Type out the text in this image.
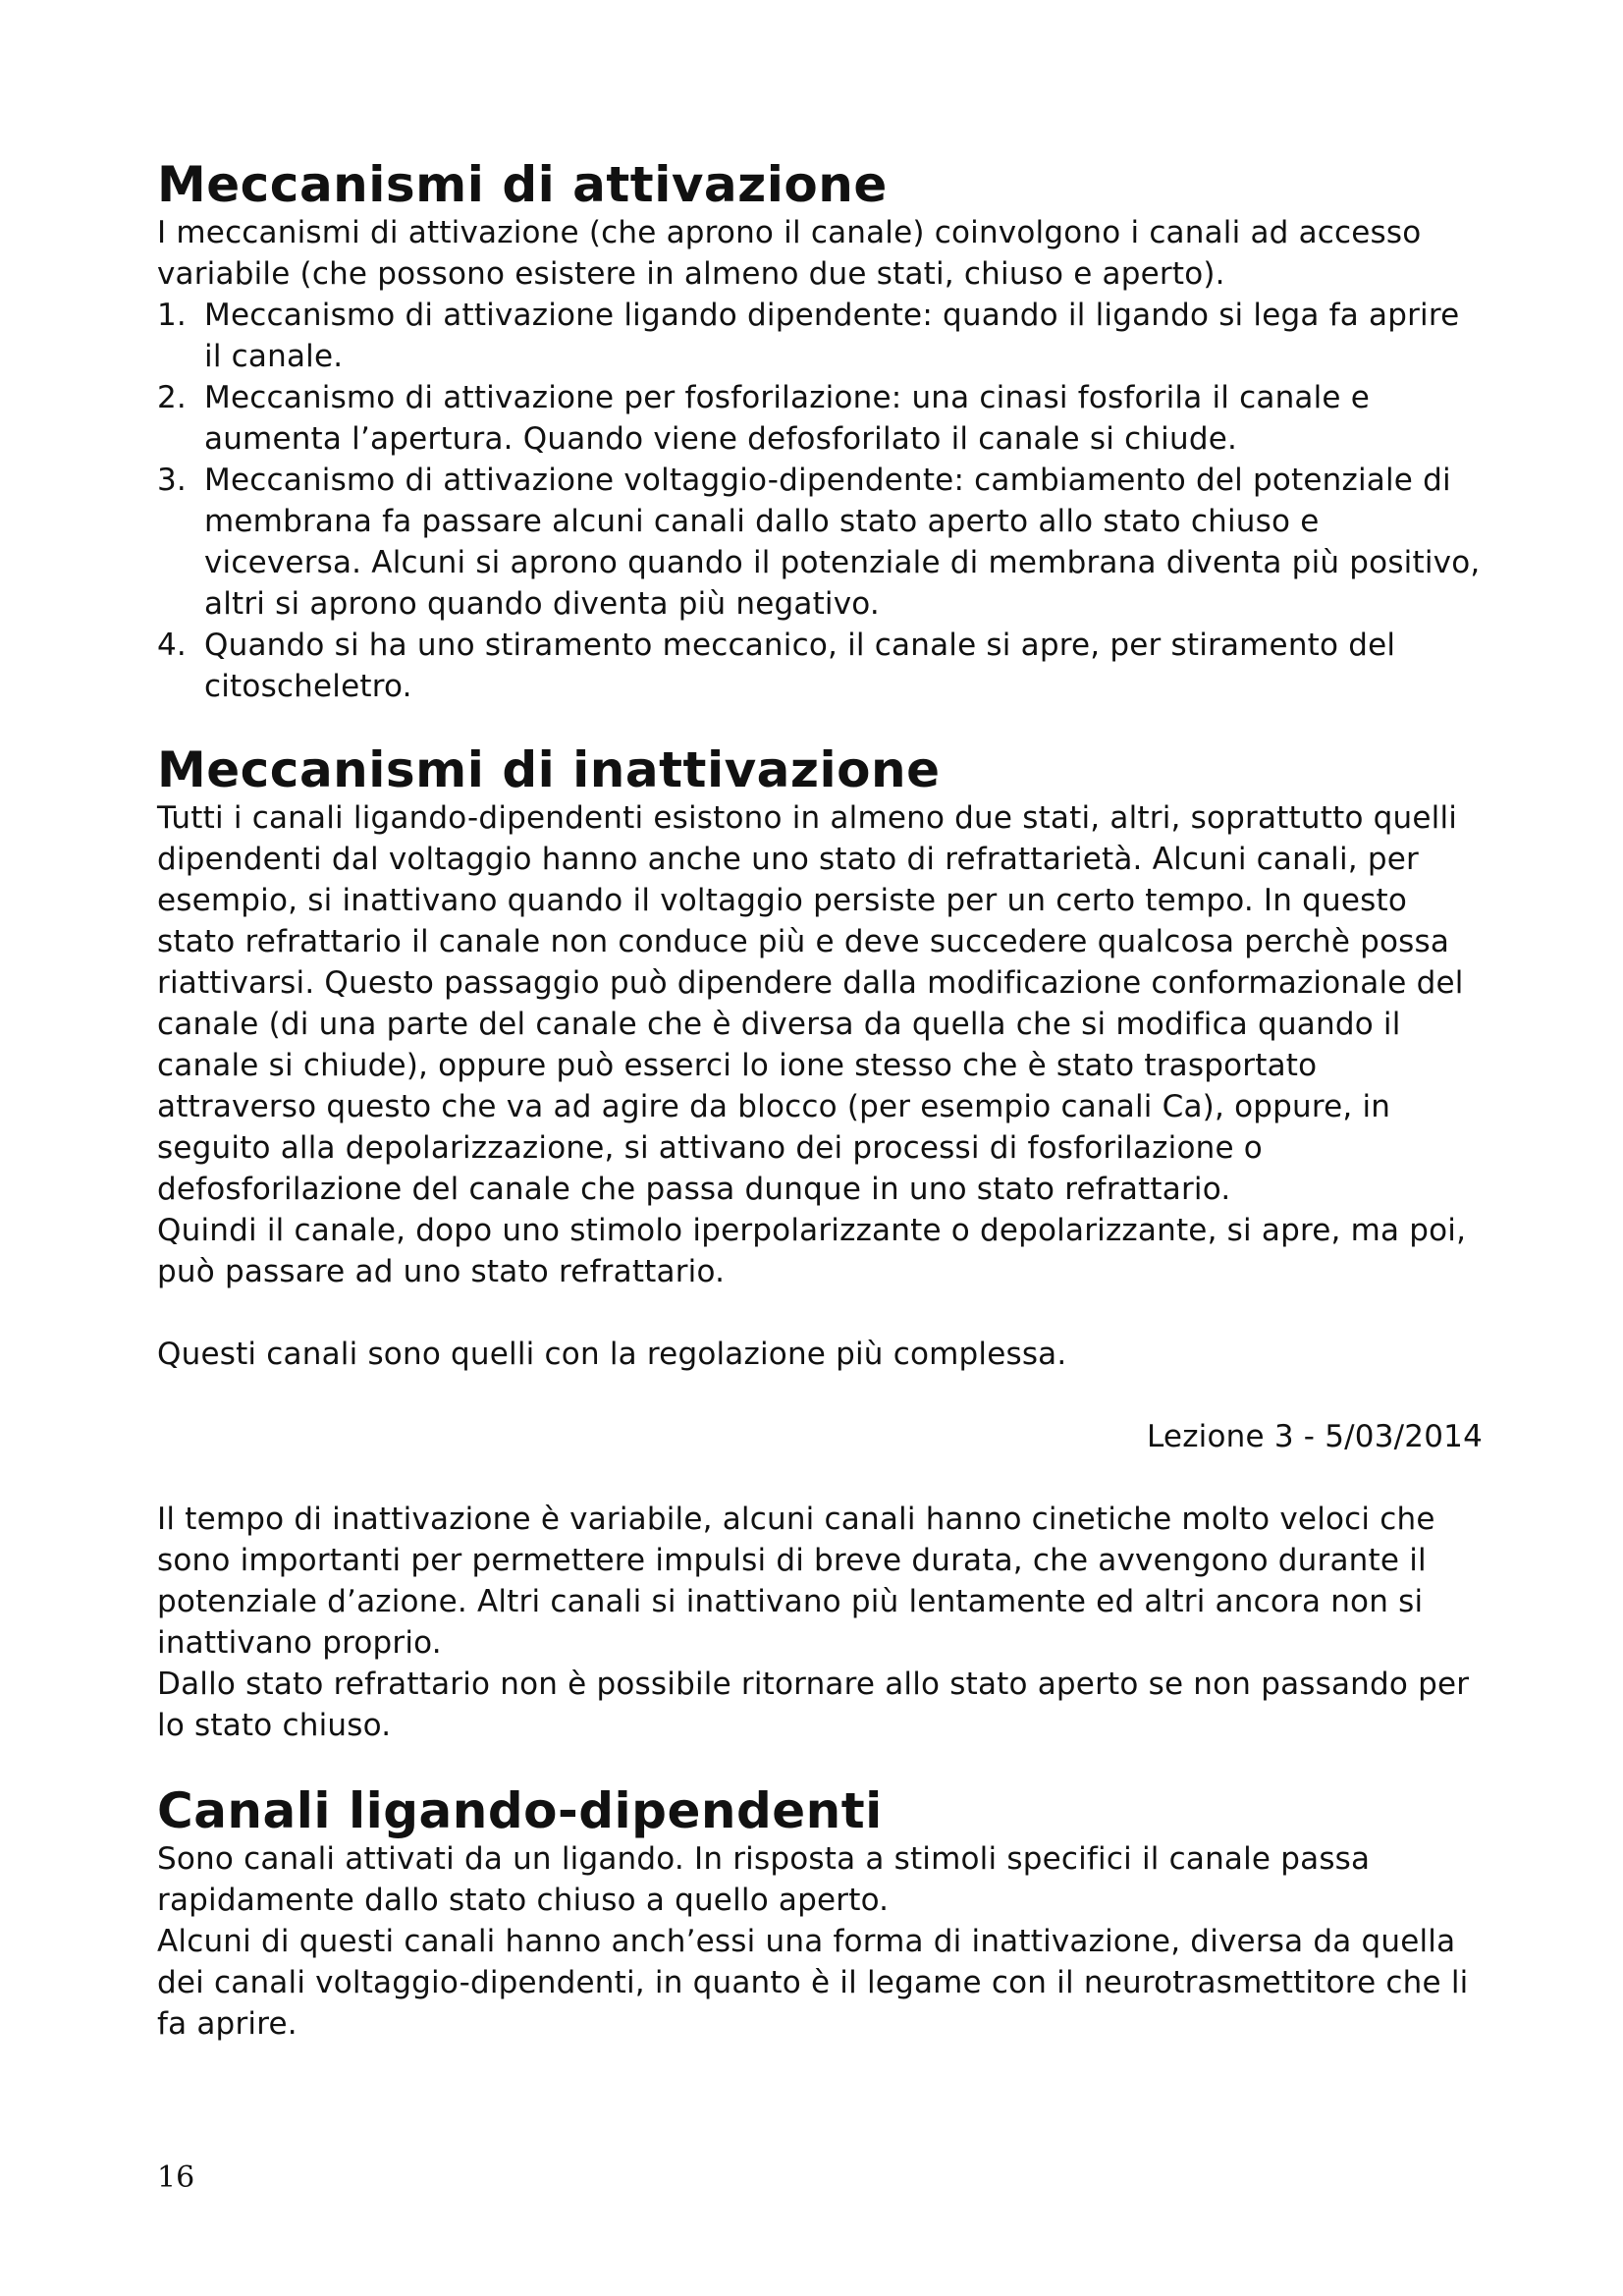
Meccanismi di attivazione

I meccanismi di attivazione (che aprono il canale) coinvolgono i canali ad accesso variabile (che possono esistere in almeno due stati, chiuso e aperto).

1. Meccanismo di attivazione ligando dipendente: quando il ligando si lega fa aprire il canale.
2. Meccanismo di attivazione per fosforilazione: una cinasi fosforila il canale e aumenta l’apertura. Quando viene defosforilato il canale si chiude.
3. Meccanismo di attivazione voltaggio-dipendente: cambiamento del potenziale di membrana fa passare alcuni canali dallo stato aperto allo stato chiuso e viceversa. Alcuni si aprono quando il potenziale di membrana diventa più positivo, altri si aprono quando diventa più negativo.
4. Quando si ha uno stiramento meccanico, il canale si apre, per stiramento del citoscheletro.
Meccanismi di inattivazione

Tutti i canali ligando-dipendenti esistono in almeno due stati, altri, soprattutto quelli dipendenti dal voltaggio hanno anche uno stato di refrattarietà. Alcuni canali, per esempio, si inattivano quando il voltaggio persiste per un certo tempo. In questo stato refrattario il canale non conduce più e deve succedere qualcosa perchè possa riattivarsi. Questo passaggio può dipendere dalla modificazione conformazionale del canale (di una parte del canale che è diversa da quella che si modifica quando il canale si chiude), oppure può esserci lo ione stesso che è stato trasportato attraverso questo che va ad agire da blocco (per esempio canali Ca), oppure, in seguito alla depolarizzazione, si attivano dei processi di fosforilazione o defosforilazione del canale che passa dunque in uno stato refrattario.

Quindi il canale, dopo uno stimolo iperpolarizzante o depolarizzante, si apre, ma poi, può passare ad uno stato refrattario.

Questi canali sono quelli con la regolazione più complessa.

Lezione 3 - 5/03/2014

Il tempo di inattivazione è variabile, alcuni canali hanno cinetiche molto veloci che sono importanti per permettere impulsi di breve durata, che avvengono durante il potenziale d’azione. Altri canali si inattivano più lentamente ed altri ancora non si inattivano proprio.

Dallo stato refrattario non è possibile ritornare allo stato aperto se non passando per lo stato chiuso.

Canali ligando-dipendenti

Sono canali attivati da un ligando. In risposta a stimoli specifici il canale passa rapidamente dallo stato chiuso a quello aperto.

Alcuni di questi canali hanno anch’essi una forma di inattivazione, diversa da quella dei canali voltaggio-dipendenti, in quanto è il legame con il neurotrasmettitore che li fa aprire.

16
